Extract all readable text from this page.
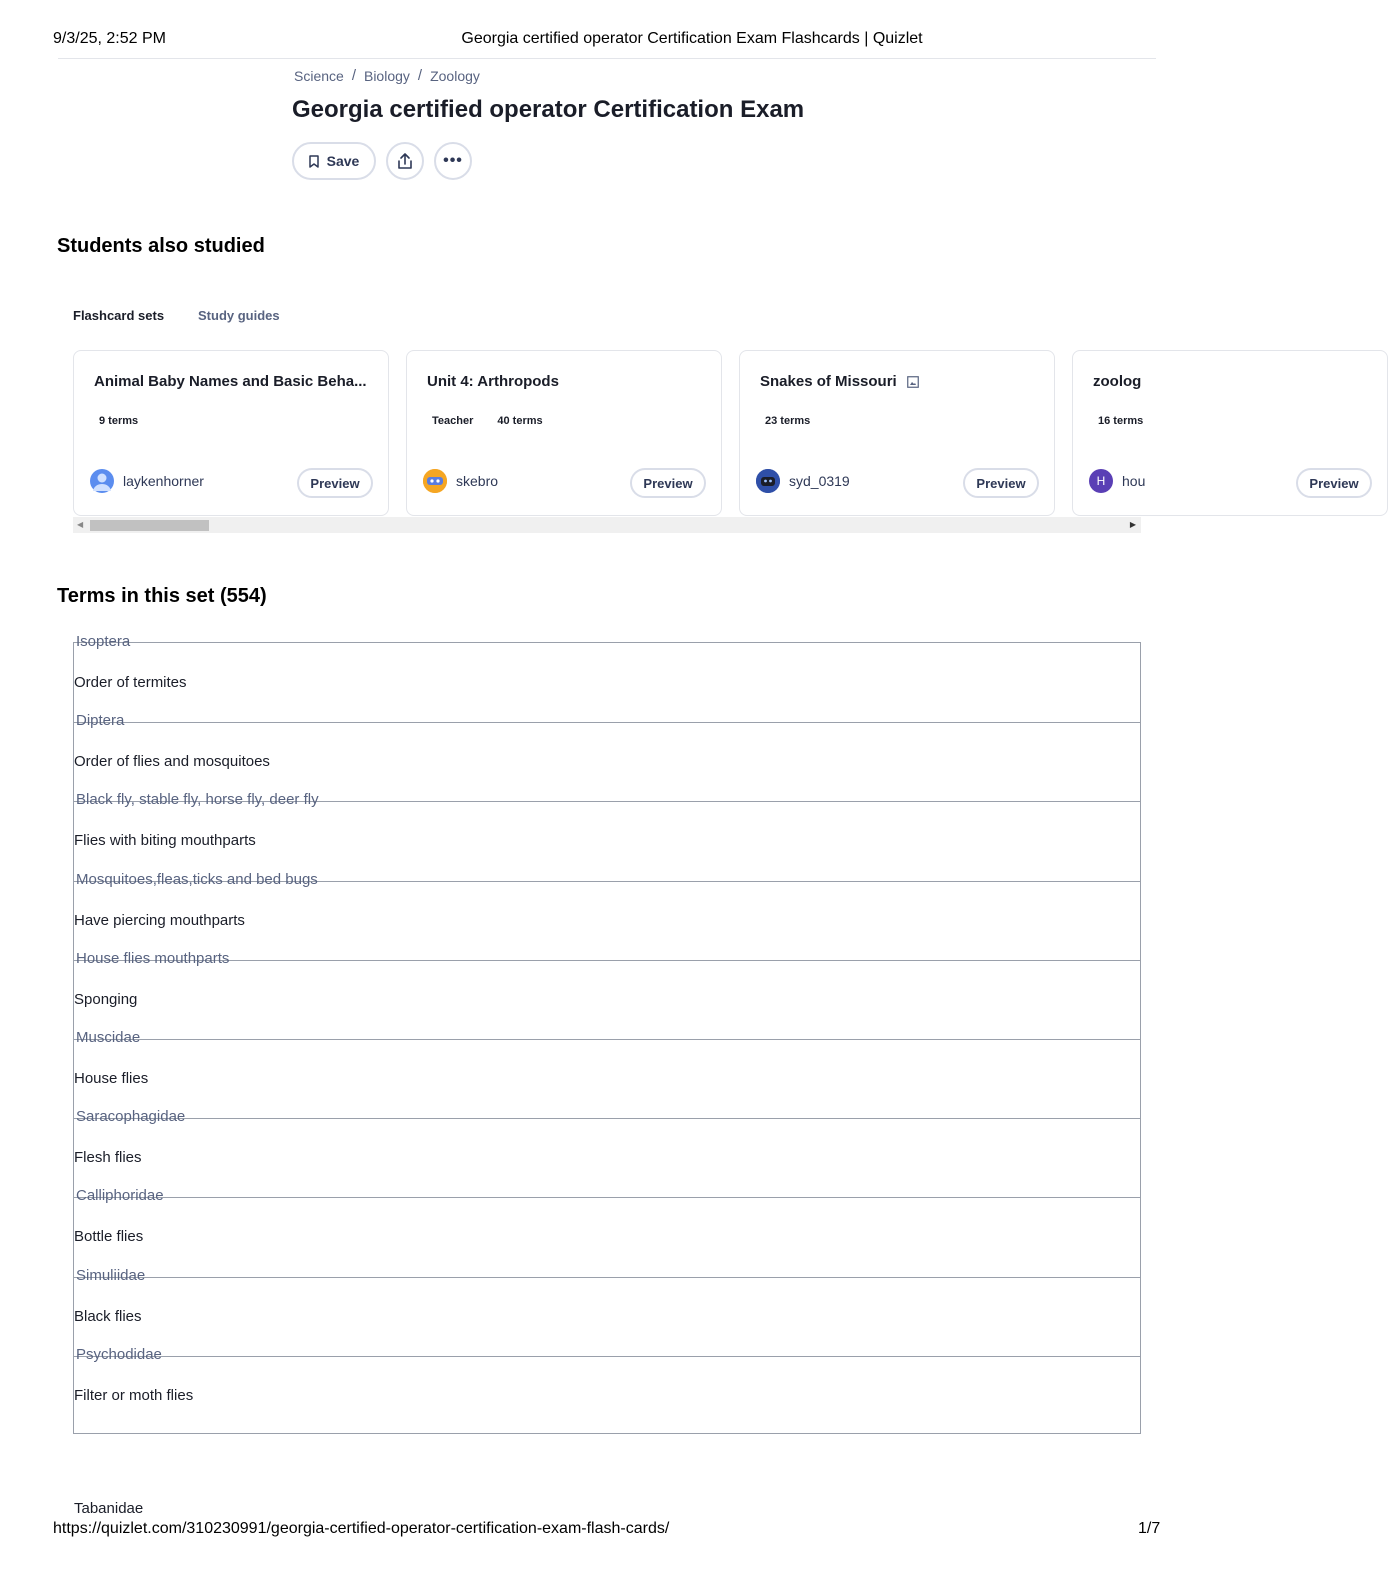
9/3/25, 2:52 PM	Georgia certified operator Certification Exam Flashcards | Quizlet
Science / Biology / Zoology
Georgia certified operator Certification Exam
Save	•••
Students also studied
Flashcard sets	Study guides
Animal Baby Names and Basic Beha...
9 terms
laykenhorner	Preview
Unit 4: Arthropods
Teacher 40 terms
skebro	Preview
Snakes of Missouri
23 terms
syd_0319	Preview
zoolog
16 terms
H	hou	Preview
◀	▶
Terms in this set (554)
Isoptera
Order of termites
Diptera
Order of flies and mosquitoes
Black fly, stable fly, horse fly, deer fly
Flies with biting mouthparts
Mosquitoes,fleas,ticks and bed bugs
Have piercing mouthparts
House flies mouthparts
Sponging
Muscidae
House flies
Saracophagidae
Flesh flies
Calliphoridae
Bottle flies
Simuliidae
Black flies
Psychodidae
Filter or moth flies
Tabanidae
https://quizlet.com/310230991/georgia-certified-operator-certification-exam-flash-cards/	1/7
